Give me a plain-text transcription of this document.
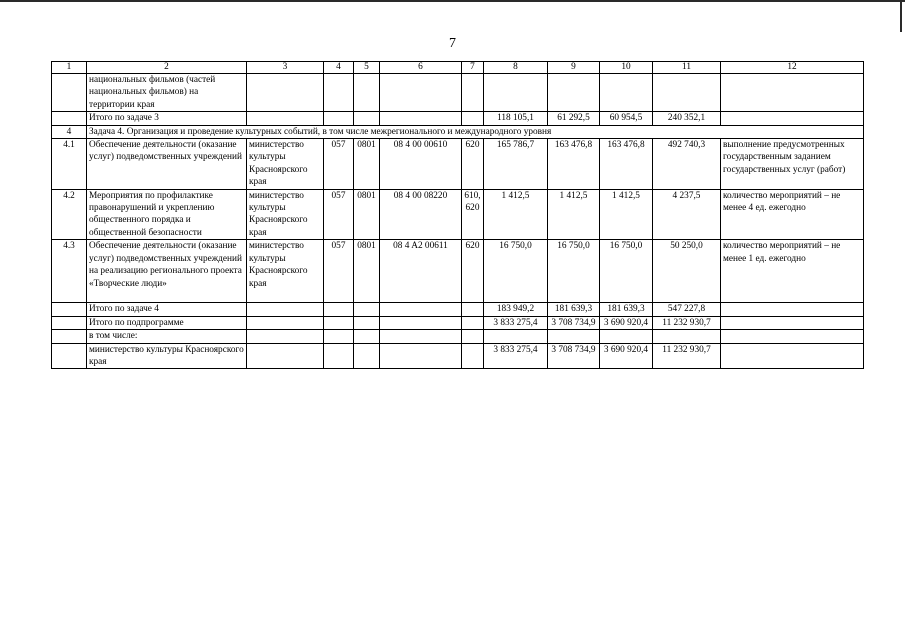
7
1	2	3	4	5	6	7	8	9	10	11	12
	национальных фильмов (частей национальных фильмов) на территории края										
	Итого по задаче 3						118 105,1	61 292,5	60 954,5	240 352,1	
4	Задача 4. Организация и проведение культурных событий, в том числе межрегионального и международного уровня										
4.1	Обеспечение деятельности (оказание услуг) подведомственных учреждений	министерство культуры Красноярского края	057	0801	08 4 00 00610	620	165 786,7	163 476,8	163 476,8	492 740,3	выполнение предусмотренных государственным заданием государственных услуг (работ)
4.2	Мероприятия по профилактике правонарушений и укреплению общественного порядка и общественной безопасности	министерство культуры Красноярского края	057	0801	08 4 00 08220	610, 620	1 412,5	1 412,5	1 412,5	4 237,5	количество мероприятий – не менее 4 ед. ежегодно
4.3	Обеспечение деятельности (оказание услуг) подведомственных учреждений на реализацию регионального проекта «Творческие люди»	министерство культуры Красноярского края	057	0801	08 4 A2 00611	620	16 750,0	16 750,0	16 750,0	50 250,0	количество мероприятий – не менее 1 ед. ежегодно
	Итого по задаче 4						183 949,2	181 639,3	181 639,3	547 227,8	
	Итого по подпрограмме						3 833 275,4	3 708 734,9	3 690 920,4	11 232 930,7	
	в том числе:										
	министерство культуры Красноярского края						3 833 275,4	3 708 734,9	3 690 920,4	11 232 930,7	
